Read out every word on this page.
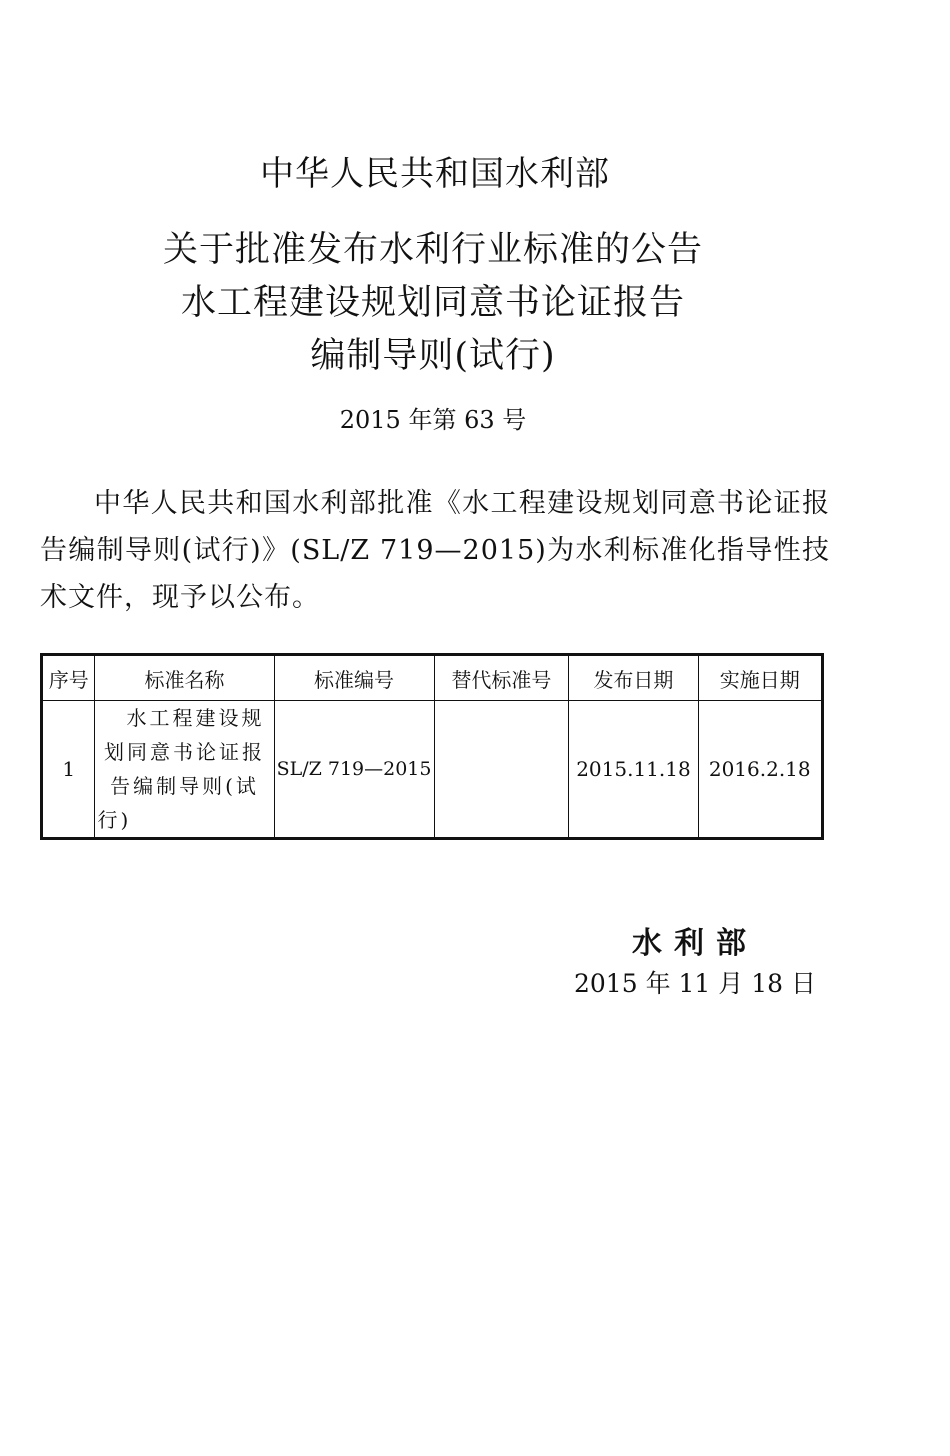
中华人民共和国水利部
关于批准发布水利行业标准的公告
水工程建设规划同意书论证报告
编制导则(试行)
2015 年第 63 号
中华人民共和国水利部批准《水工程建设规划同意书论证报告编制导则(试行)》(SL/Z 719—2015)为水利标准化指导性技术文件，现予以公布。
序号	标准名称	标准编号	替代标准号	发布日期	实施日期
1	水工程建设规划同意书论证报告编制导则(试行)	SL/Z 719—2015		2015.11.18	2016.2.18
水利部
2015 年 11 月 18 日
